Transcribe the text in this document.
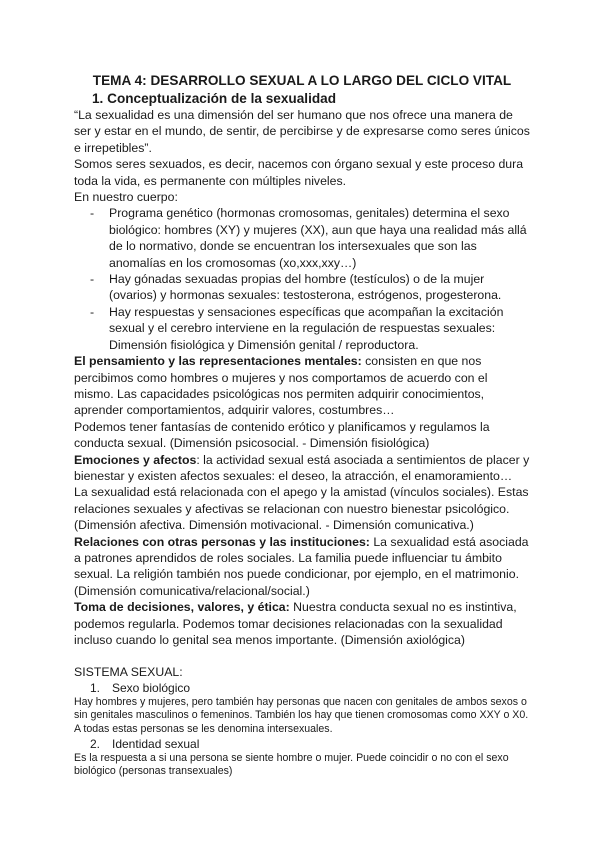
TEMA 4: DESARROLLO SEXUAL A LO LARGO DEL CICLO VITAL
1. Conceptualización de la sexualidad

“La sexualidad es una dimensión del ser humano que nos ofrece una manera de ser y estar en el mundo, de sentir, de percibirse y de expresarse como seres únicos e irrepetibles”.

Somos seres sexuados, es decir, nacemos con órgano sexual y este proceso dura toda la vida, es permanente con múltiples niveles.

En nuestro cuerpo:

- Programa genético (hormonas cromosomas, genitales) determina el sexo biológico: hombres (XY) y mujeres (XX), aun que haya una realidad más allá de lo normativo, donde se encuentran los intersexuales que son las anomalías en los cromosomas (xo,xxx,xxy…)
- Hay gónadas sexuadas propias del hombre (testículos) o de la mujer (ovarios) y hormonas sexuales: testosterona, estrógenos, progesterona.
- Hay respuestas y sensaciones específicas que acompañan la excitación sexual y el cerebro interviene en la regulación de respuestas sexuales: Dimensión fisiológica y Dimensión genital / reproductora.

El pensamiento y las representaciones mentales: consisten en que nos percibimos como hombres o mujeres y nos comportamos de acuerdo con el mismo. Las capacidades psicológicas nos permiten adquirir conocimientos, aprender comportamientos, adquirir valores, costumbres…

Podemos tener fantasías de contenido erótico y planificamos y regulamos la conducta sexual. (Dimensión psicosocial. - Dimensión fisiológica)

Emociones y afectos: la actividad sexual está asociada a sentimientos de placer y bienestar y existen afectos sexuales: el deseo, la atracción, el enamoramiento…

La sexualidad está relacionada con el apego y la amistad (vínculos sociales). Estas relaciones sexuales y afectivas se relacionan con nuestro bienestar psicológico. (Dimensión afectiva. Dimensión motivacional. - Dimensión comunicativa.)

Relaciones con otras personas y las instituciones: La sexualidad está asociada a patrones aprendidos de roles sociales. La familia puede influenciar tu ámbito sexual. La religión también nos puede condicionar, por ejemplo, en el matrimonio. (Dimensión comunicativa/relacional/social.)

Toma de decisiones, valores, y ética: Nuestra conducta sexual no es instintiva, podemos regularla. Podemos tomar decisiones relacionadas con la sexualidad incluso cuando lo genital sea menos importante. (Dimensión axiológica)

SISTEMA SEXUAL:

1. Sexo biológico

Hay hombres y mujeres, pero también hay personas que nacen con genitales de ambos sexos o sin genitales masculinos o femeninos. También los hay que tienen cromosomas como XXY o X0. A todas estas personas se les denomina intersexuales.

2. Identidad sexual

Es la respuesta a si una persona se siente hombre o mujer. Puede coincidir o no con el sexo biológico (personas transexuales)
